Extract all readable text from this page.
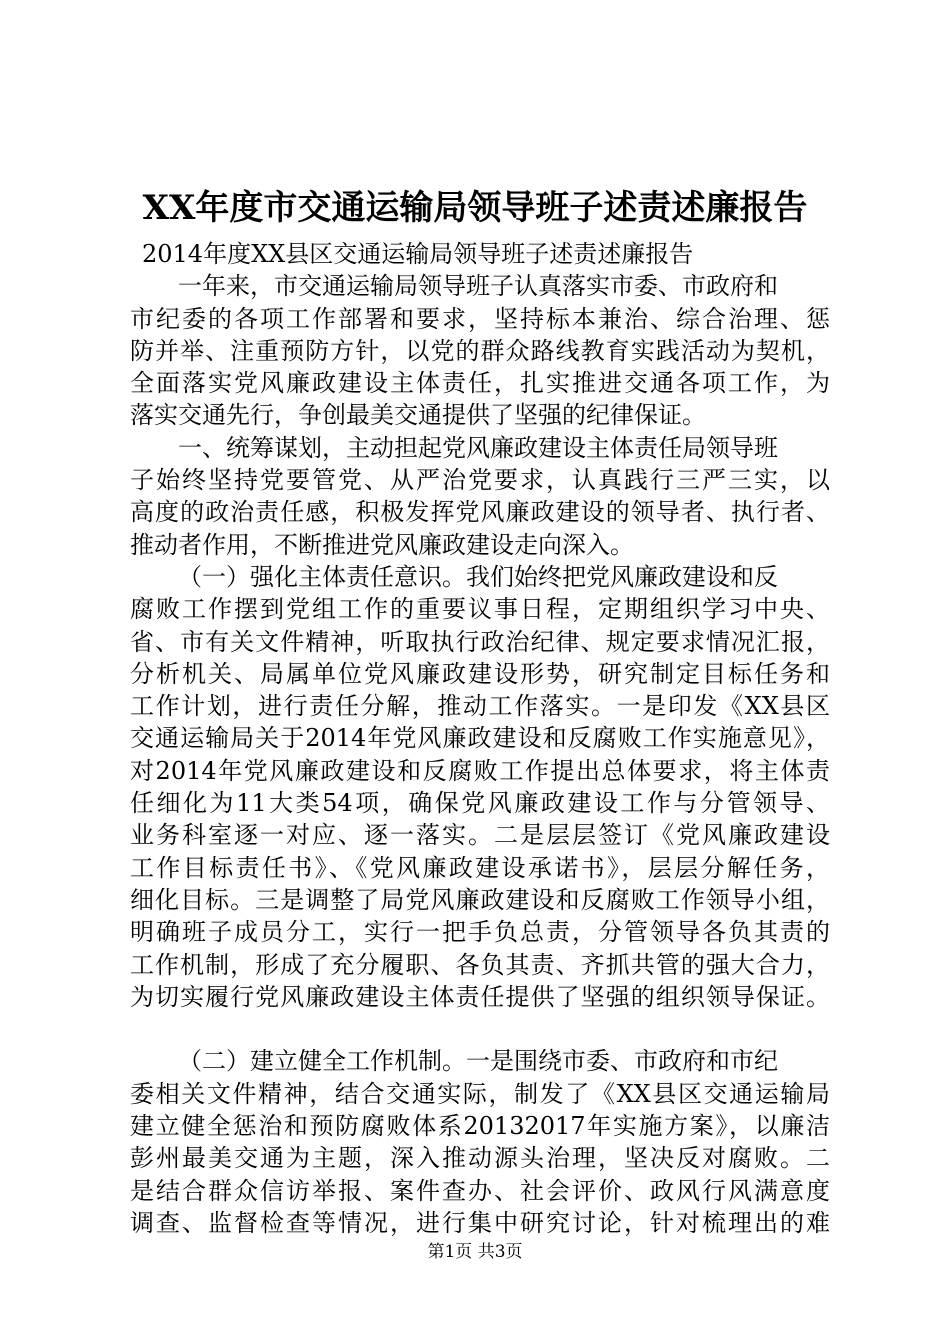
XX年度市交通运输局领导班子述责述廉报告
2014年度XX县区交通运输局领导班子述责述廉报告
一年来，市交通运输局领导班子认真落实市委、市政府和
市纪委的各项工作部署和要求，坚持标本兼治、综合治理、惩
防并举、注重预防方针，以党的群众路线教育实践活动为契机，
全面落实党风廉政建设主体责任，扎实推进交通各项工作，为
落实交通先行，争创最美交通提供了坚强的纪律保证。
一、统筹谋划，主动担起党风廉政建设主体责任局领导班
子始终坚持党要管党、从严治党要求，认真践行三严三实，以
高度的政治责任感，积极发挥党风廉政建设的领导者、执行者、
推动者作用，不断推进党风廉政建设走向深入。
（一）强化主体责任意识。我们始终把党风廉政建设和反
腐败工作摆到党组工作的重要议事日程，定期组织学习中央、
省、市有关文件精神，听取执行政治纪律、规定要求情况汇报，
分析机关、局属单位党风廉政建设形势，研究制定目标任务和
工作计划，进行责任分解，推动工作落实。一是印发《XX县区
交通运输局关于2014年党风廉政建设和反腐败工作实施意见》，
对2014年党风廉政建设和反腐败工作提出总体要求，将主体责
任细化为11大类54项，确保党风廉政建设工作与分管领导、
业务科室逐一对应、逐一落实。二是层层签订《党风廉政建设
工作目标责任书》、《党风廉政建设承诺书》，层层分解任务，
细化目标。三是调整了局党风廉政建设和反腐败工作领导小组，
明确班子成员分工，实行一把手负总责，分管领导各负其责的
工作机制，形成了充分履职、各负其责、齐抓共管的强大合力，
为切实履行党风廉政建设主体责任提供了坚强的组织领导保证。
（二）建立健全工作机制。一是围绕市委、市政府和市纪
委相关文件精神，结合交通实际，制发了《XX县区交通运输局
建立健全惩治和预防腐败体系20132017年实施方案》，以廉洁
彭州最美交通为主题，深入推动源头治理，坚决反对腐败。二
是结合群众信访举报、案件查办、社会评价、政风行风满意度
调查、监督检查等情况，进行集中研究讨论，针对梳理出的难
第1页 共3页
